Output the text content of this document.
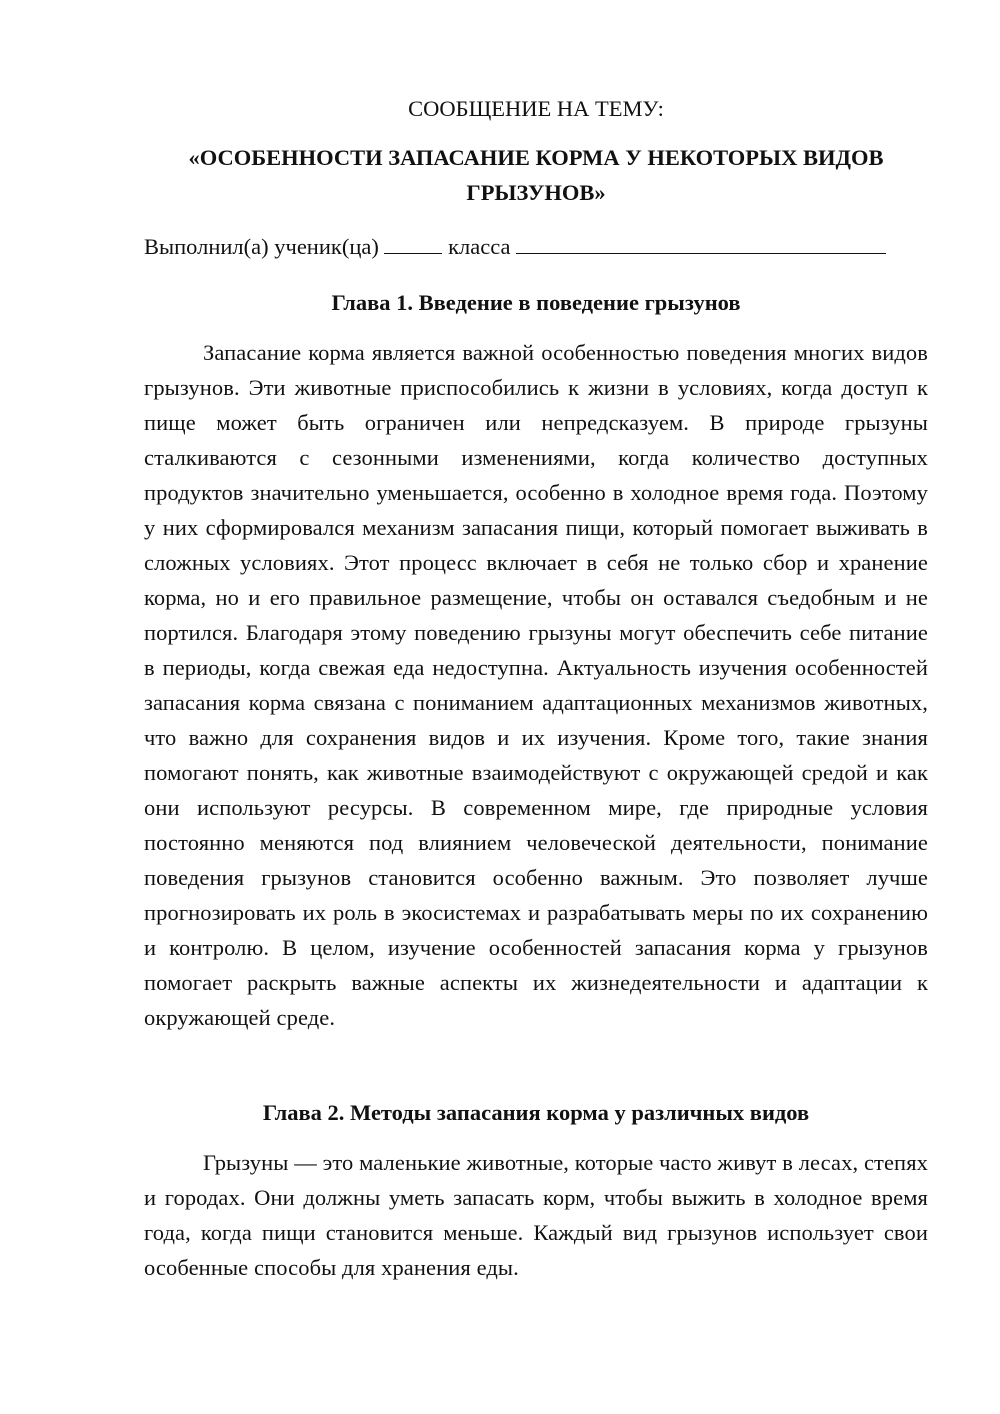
СООБЩЕНИЕ НА ТЕМУ:

«ОСОБЕННОСТИ ЗАПАСАНИЕ КОРМА У НЕКОТОРЫХ ВИДОВ ГРЫЗУНОВ»

Выполнил(а) ученик(ца)	класса
Глава 1. Введение в поведение грызунов

Запасание корма является важной особенностью поведения многих видов грызунов. Эти животные приспособились к жизни в условиях, когда доступ к пище может быть ограничен или непредсказуем. В природе грызуны сталкиваются с сезонными изменениями, когда количество доступных продуктов значительно уменьшается, особенно в холодное время года. Поэтому у них сформировался механизм запасания пищи, который помогает выживать в сложных условиях. Этот процесс включает в себя не только сбор и хранение корма, но и его правильное размещение, чтобы он оставался съедобным и не портился. Благодаря этому поведению грызуны могут обеспечить себе питание в периоды, когда свежая еда недоступна. Актуальность изучения особенностей запасания корма связана с пониманием адаптационных механизмов животных, что важно для сохранения видов и их изучения. Кроме того, такие знания помогают понять, как животные взаимодействуют с окружающей средой и как они используют ресурсы. В современном мире, где природные условия постоянно меняются под влиянием человеческой деятельности, понимание поведения грызунов становится особенно важным. Это позволяет лучше прогнозировать их роль в экосистемах и разрабатывать меры по их сохранению и контролю. В целом, изучение особенностей запасания корма у грызунов помогает раскрыть важные аспекты их жизнедеятельности и адаптации к окружающей среде.

Глава 2. Методы запасания корма у различных видов

Грызуны — это маленькие животные, которые часто живут в лесах, степях и городах. Они должны уметь запасать корм, чтобы выжить в холодное время года, когда пищи становится меньше. Каждый вид грызунов использует свои особенные способы для хранения еды.
